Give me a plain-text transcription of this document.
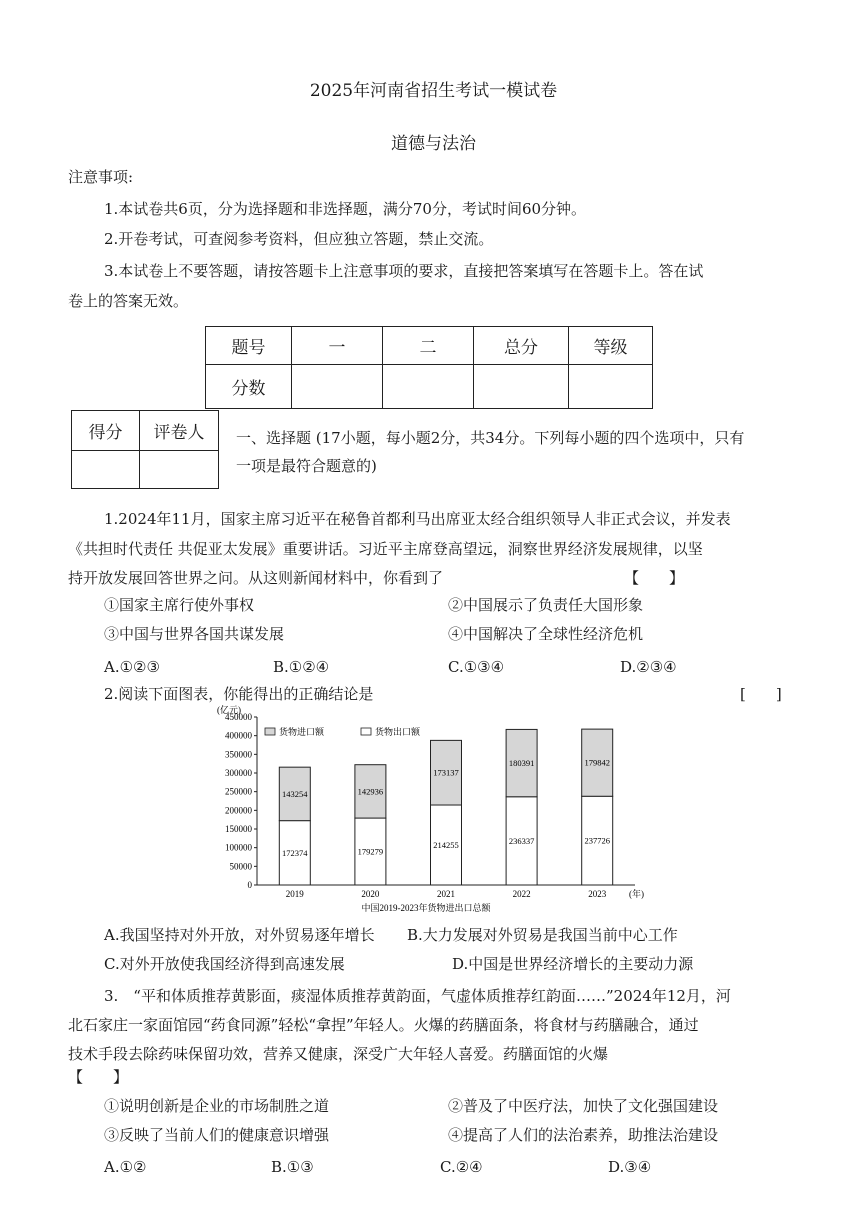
2025年河南省招生考试一模试卷
道德与法治
注意事项:
1.本试卷共6页，分为选择题和非选择题，满分70分，考试时间60分钟。
2.开卷考试，可查阅参考资料，但应独立答题，禁止交流。
3.本试卷上不要答题，请按答题卡上注意事项的要求，直接把答案填写在答题卡上。答在试
卷上的答案无效。
题号	一	二	总分	等级
分数				
得分	评卷人
	一、选择题 (17小题，每小题2分，共34分。下列每小题的四个选项中，只有
一项是最符合题意的)
1.2024年11月，国家主席习近平在秘鲁首都利马出席亚太经合组织领导人非正式会议，并发表
《共担时代责任 共促亚太发展》重要讲话。习近平主席登高望远，洞察世界经济发展规律，以坚
持开放发展回答世界之问。从这则新闻材料中，你看到了	【　　】
①国家主席行使外事权	②中国展示了负责任大国形象
③中国与世界各国共谋发展	④中国解决了全球性经济危机
A.①②③	B.①②④	C.①③④	D.②③④
2.阅读下面图表，你能得出的正确结论是	[　　]
(亿元)
0
50000
100000
150000
200000
250000
300000
350000
400000
450000
货物进口额	货物出口额
172374
143254
2019
179279
142936
2020
214255
173137
2021
236337
180391
2022
237726
179842
2023	(年)
中国2019-2023年货物进出口总额
A.我国坚持对外开放，对外贸易逐年增长 B.大力发展对外贸易是我国当前中心工作
C.对外开放使我国经济得到高速发展	D.中国是世界经济增长的主要动力源
3.　“平和体质推荐黄影面，痰湿体质推荐黄韵面，气虚体质推荐红韵面……”2024年12月，河
北石家庄一家面馆园“药食同源”轻松“拿捏”年轻人。火爆的药膳面条，将食材与药膳融合，通过
技术手段去除药味保留功效，营养又健康，深受广大年轻人喜爱。药膳面馆的火爆
【　　】
①说明创新是企业的市场制胜之道	②普及了中医疗法，加快了文化强国建设
③反映了当前人们的健康意识增强	④提高了人们的法治素养，助推法治建设
A.①②	B.①③	C.②④	D.③④
